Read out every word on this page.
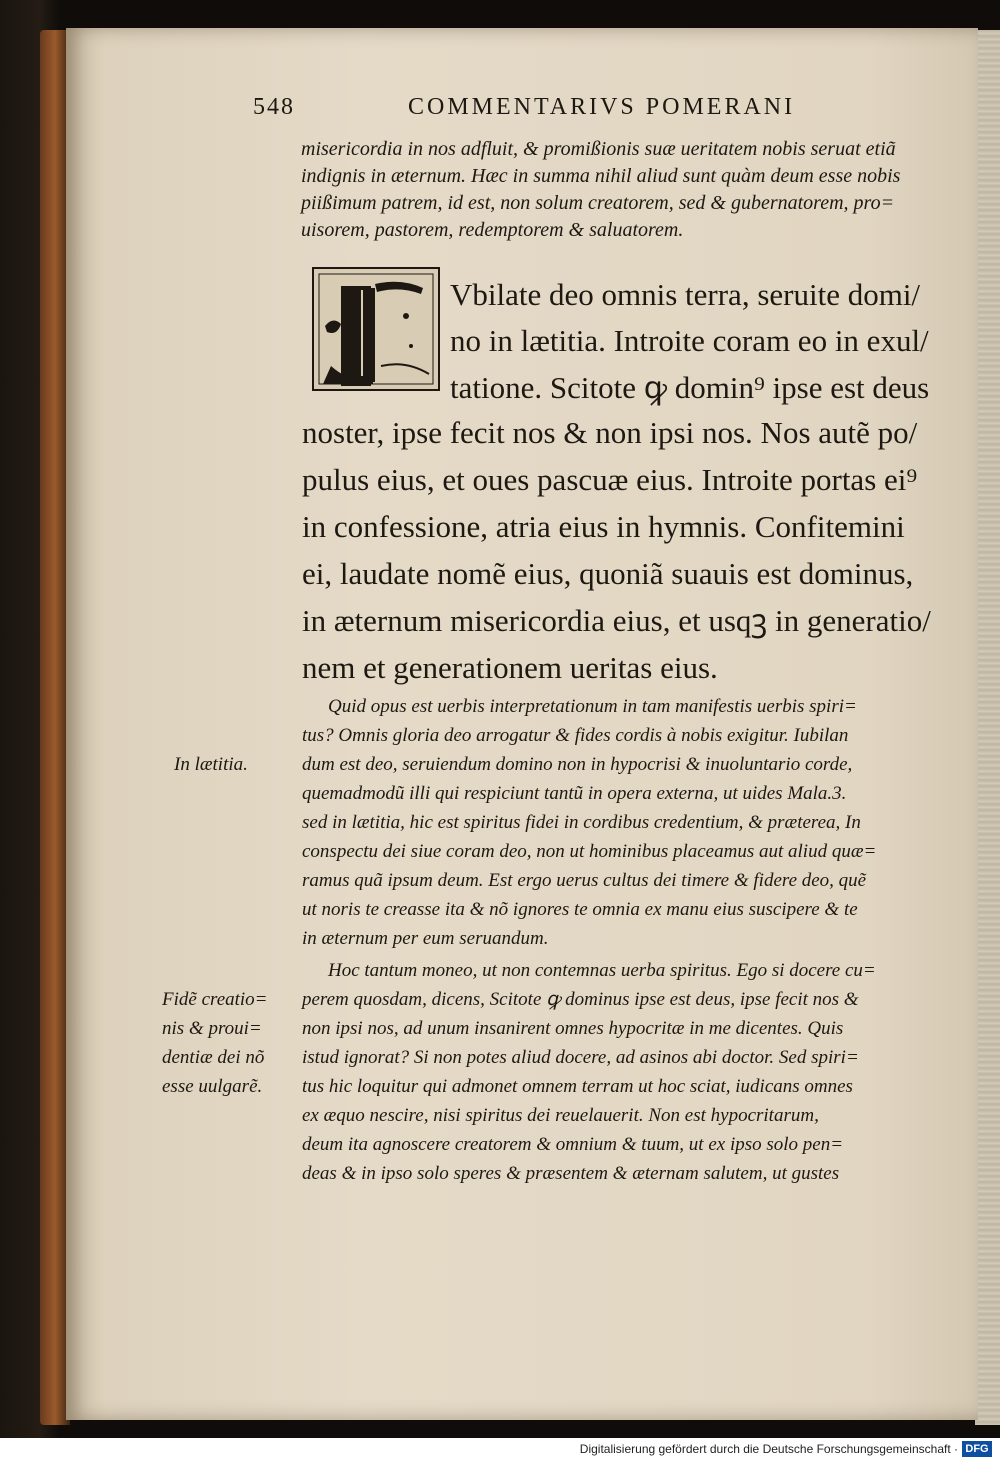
548	COMMENTARIVS POMERANI
misericordia in nos adfluit, & promißionis suæ ueritatem nobis seruat etiã
indignis in æternum. Hæc in summa nihil aliud sunt quàm deum esse nobis
piißimum patrem, id est, non solum creatorem, sed & gubernatorem, pro=
uisorem, pastorem, redemptorem & saluatorem.
I
Vbilate deo omnis terra, seruite domi/
no in lætitia. Introite coram eo in exul/
tatione. Scitote ꝙ domin⁹ ipse est deus
noster, ipse fecit nos & non ipsi nos. Nos autẽ po/
pulus eius, et oues pascuæ eius. Introite portas ei⁹
in confessione, atria eius in hymnis. Confitemini
ei, laudate nomẽ eius, quoniã suauis est dominus,
in æternum misericordia eius, et usqꝫ in generatio/
nem et generationem ueritas eius.
Quid opus est uerbis interpretationum in tam manifestis uerbis spiri=
tus? Omnis gloria deo arrogatur & fides cordis à nobis exigitur. Iubilan
dum est deo, seruiendum domino non in hypocrisi & inuoluntario corde,
quemadmodũ illi qui respiciunt tantũ in opera externa, ut uides Mala.3.
sed in lætitia, hic est spiritus fidei in cordibus credentium, & præterea, In
conspectu dei siue coram deo, non ut hominibus placeamus aut aliud quæ=
ramus quã ipsum deum. Est ergo uerus cultus dei timere & fidere deo, quẽ
ut noris te creasse ita & nõ ignores te omnia ex manu eius suscipere & te
in æternum per eum seruandum.
Hoc tantum moneo, ut non contemnas uerba spiritus. Ego si docere cu=
perem quosdam, dicens, Scitote ꝙ dominus ipse est deus, ipse fecit nos &
non ipsi nos, ad unum insanirent omnes hypocritæ in me dicentes. Quis
istud ignorat? Si non potes aliud docere, ad asinos abi doctor. Sed spiri=
tus hic loquitur qui admonet omnem terram ut hoc sciat, iudicans omnes
ex æquo nescire, nisi spiritus dei reuelauerit. Non est hypocritarum,
deum ita agnoscere creatorem & omnium & tuum, ut ex ipso solo pen=
deas & in ipso solo speres & præsentem & æternam salutem, ut gustes
In lætitia.
Fidẽ creatio=
nis & proui=
dentiæ dei nõ
esse uulgarẽ.
Digitalisierung gefördert durch die Deutsche Forschungsgemeinschaft · DFG
